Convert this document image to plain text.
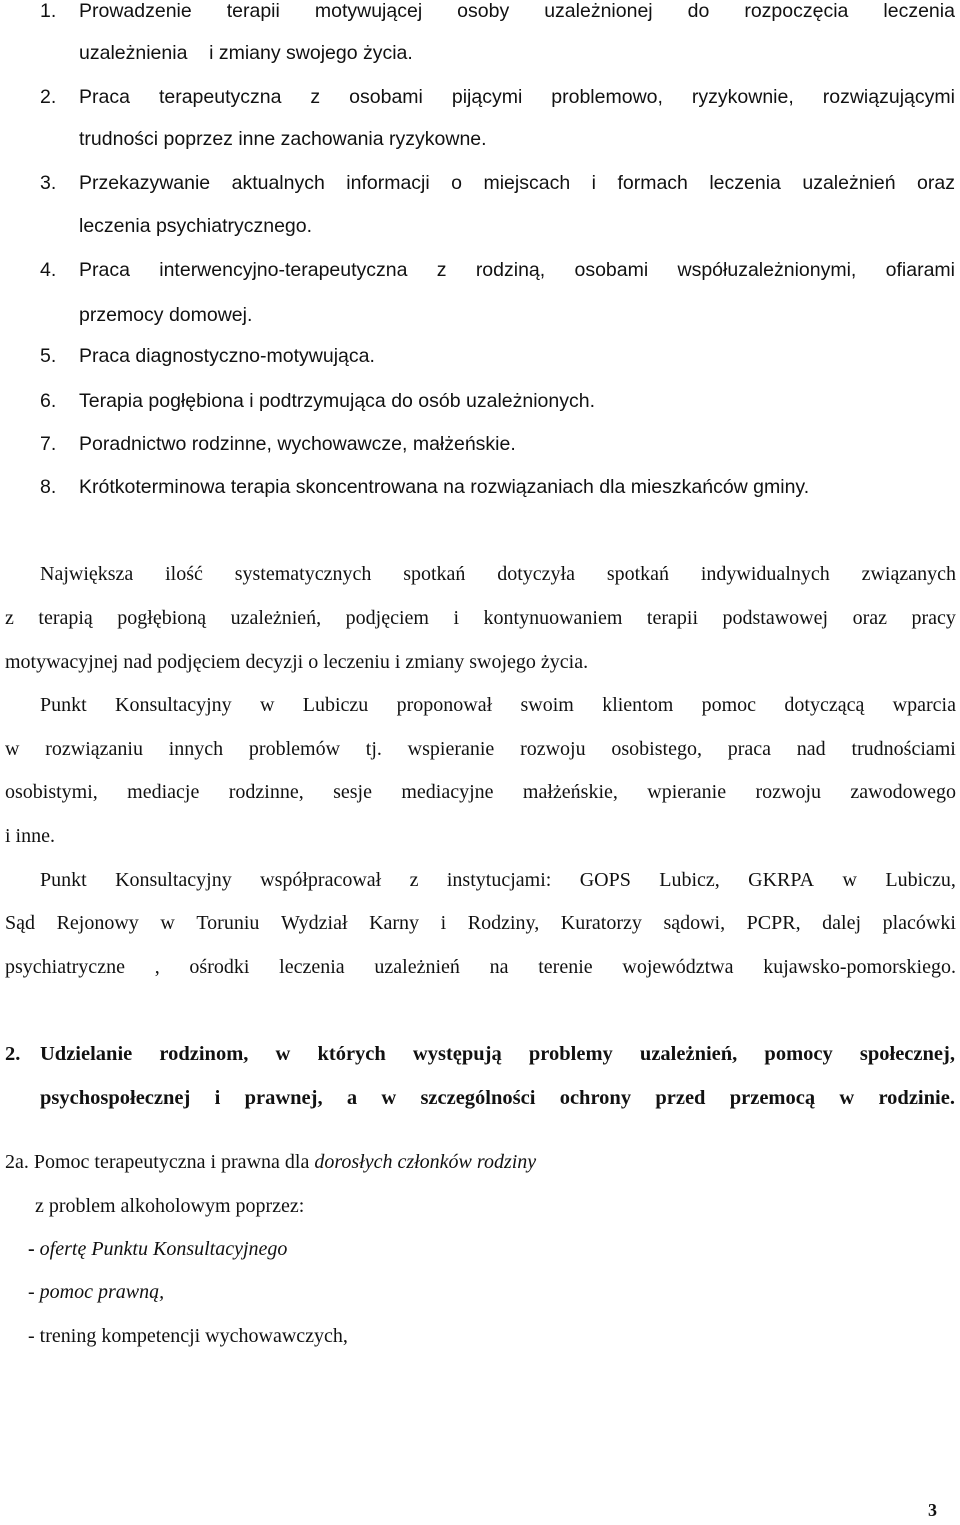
1. Prowadzenie terapii motywującej osoby uzależnionej do rozpoczęcia leczenia
uzależnienia    i zmiany swojego życia.
2. Praca terapeutyczna z osobami pijącymi problemowo, ryzykownie, rozwiązującymi
trudności poprzez inne zachowania ryzykowne.
3. Przekazywanie aktualnych informacji o miejscach i formach leczenia uzależnień oraz
leczenia psychiatrycznego.
4. Praca interwencyjno-terapeutyczna z rodziną, osobami współuzależnionymi, ofiarami
przemocy domowej.
5. Praca diagnostyczno-motywująca.
6. Terapia pogłębiona i podtrzymująca do osób uzależnionych.
7. Poradnictwo rodzinne, wychowawcze, małżeńskie.
8. Krótkoterminowa terapia skoncentrowana na rozwiązaniach dla mieszkańców gminy.
Największa ilość systematycznych spotkań dotyczyła spotkań indywidualnych związanych
z terapią pogłębioną uzależnień, podjęciem i kontynuowaniem terapii podstawowej oraz pracy
motywacyjnej nad podjęciem decyzji o leczeniu i zmiany swojego życia.
Punkt Konsultacyjny w Lubiczu proponował swoim klientom pomoc dotyczącą wparcia
w rozwiązaniu innych problemów tj. wspieranie rozwoju osobistego, praca nad trudnościami
osobistymi, mediacje rodzinne, sesje mediacyjne małżeńskie, wpieranie rozwoju zawodowego
i inne.
Punkt Konsultacyjny współpracował z instytucjami: GOPS Lubicz, GKRPA w Lubiczu,
Sąd Rejonowy w Toruniu Wydział Karny i Rodziny, Kuratorzy sądowi, PCPR, dalej placówki
psychiatryczne , ośrodki leczenia uzależnień na terenie województwa kujawsko-pomorskiego.
2. Udzielanie rodzinom, w których występują problemy uzależnień, pomocy społecznej,
psychospołecznej i prawnej, a w szczególności ochrony przed przemocą w rodzinie.
2a. Pomoc terapeutyczna i prawna dla dorosłych członków rodziny
z problem alkoholowym poprzez:
- ofertę Punktu Konsultacyjnego
- pomoc prawną,
- trening kompetencji wychowawczych,
3
